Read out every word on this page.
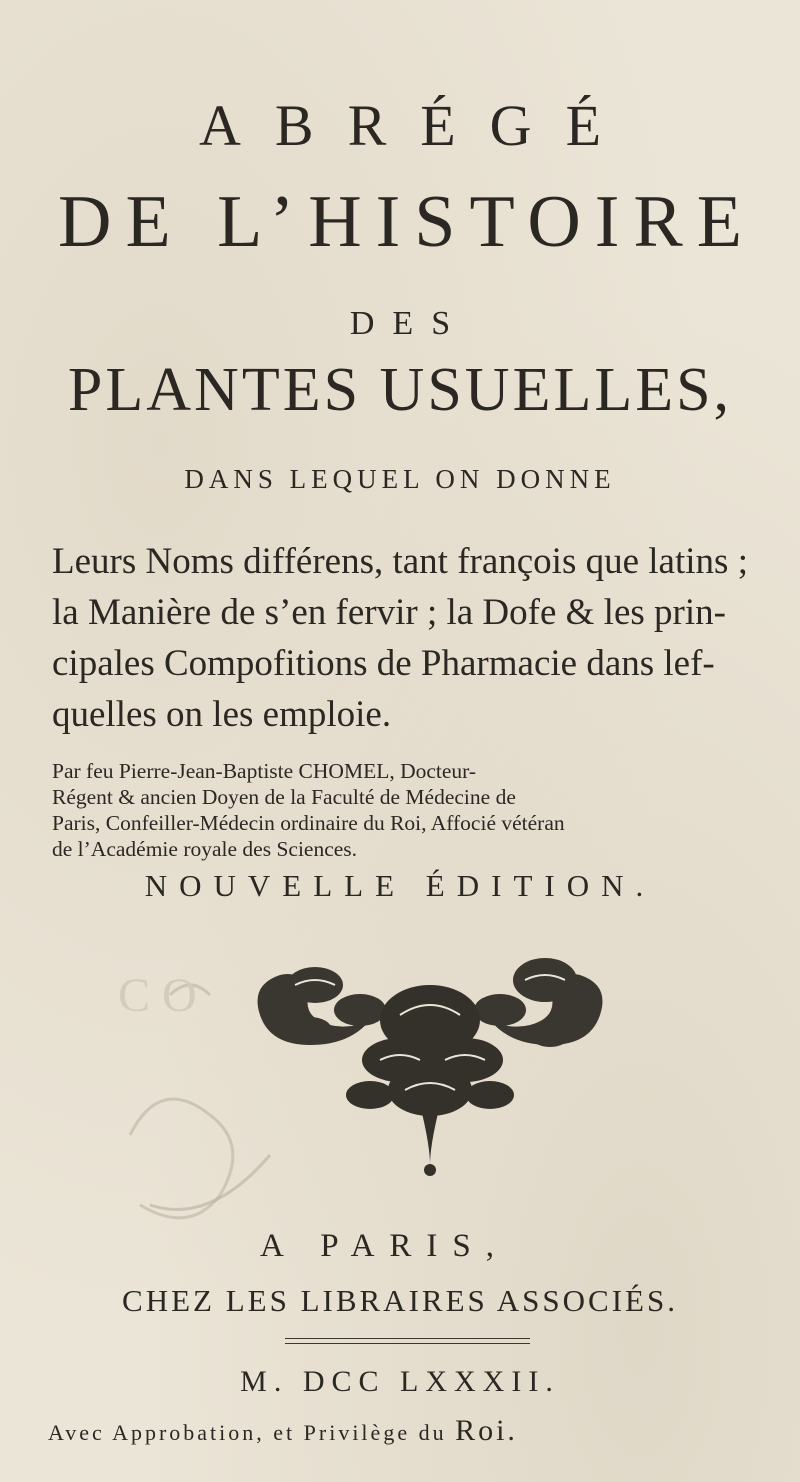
ABRÉGÉ
DE L’HISTOIRE
DES
PLANTES USUELLES,
DANS LEQUEL ON DONNE
Leurs Noms différens, tant françois que latins ;
la Manière de s’en fervir ; la Dofe & les prin-
cipales Compofitions de Pharmacie dans lef-
quelles on les emploie.
Par feu Pierre-Jean-Baptiste CHOMEL, Docteur-
Régent & ancien Doyen de la Faculté de Médecine de
Paris, Confeiller-Médecin ordinaire du Roi, Affocié vétéran
de l’Académie royale des Sciences.
NOUVELLE ÉDITION.
C O
A PARIS,
CHEZ LES LIBRAIRES ASSOCIÉS.
M. DCC LXXXII.
Avec Approbation, et Privilège du Roi.
